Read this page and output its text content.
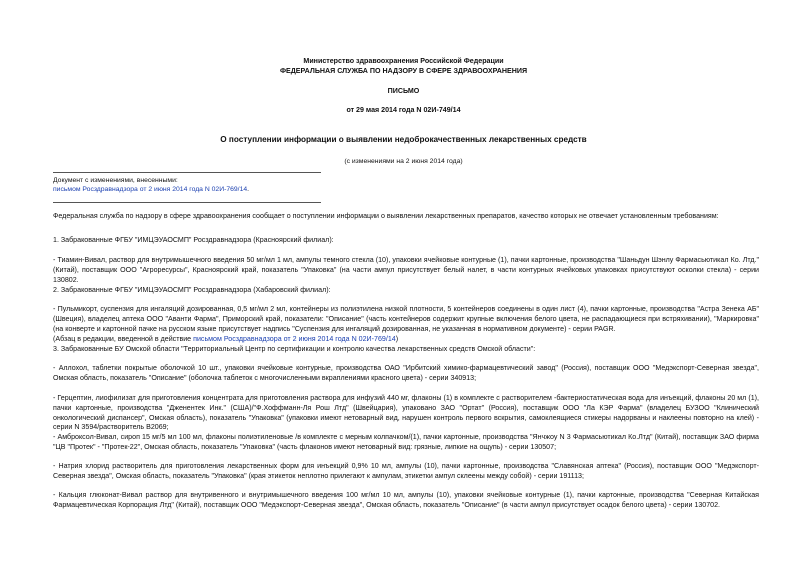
Министерство здравоохранения Российской Федерации
ФЕДЕРАЛЬНАЯ СЛУЖБА ПО НАДЗОРУ В СФЕРЕ ЗДРАВООХРАНЕНИЯ
ПИСЬМО
от 29 мая 2014 года N 02И-749/14
О поступлении информации о выявлении недоброкачественных лекарственных средств
(с изменениями на 2 июня 2014 года)
Документ с изменениями, внесенными:
письмом Росздравнадзора от 2 июня 2014 года N 02И-769/14.
Федеральная служба по надзору в сфере здравоохранения сообщает о поступлении информации о выявлении лекарственных препаратов, качество которых не отвечает установленным требованиям:
1. Забракованные ФГБУ "ИМЦЭУАОСМП" Росздравнадзора (Красноярский филиал):
- Тиамин-Вивал, раствор для внутримышечного введения 50 мг/мл 1 мл, ампулы темного стекла (10), упаковки ячейковые контурные (1), пачки картонные, производства "Шаньдун Шэнлу Фармасьютикал Ко. Лтд." (Китай), поставщик ООО "Агроресурсы", Красноярский край, показатель "Упаковка" (на части ампул присутствует белый налет, в части контурных ячейковых упаковках присутствуют осколки стекла) - серии 130802.
2. Забракованные ФГБУ "ИМЦЭУАОСМП" Росздравнадзора (Хабаровский филиал):
- Пульмикорт, суспензия для ингаляций дозированная, 0,5 мг/мл 2 мл, контейнеры из полиэтилена низкой плотности, 5 контейнеров соединены в один лист (4), пачки картонные, производства "Астра Зенека АБ" (Швеция), владелец аптека ООО "Аванти Фарма", Приморский край, показатели: "Описание" (часть контейнеров содержит крупные включения белого цвета, не распадающиеся при встряхивании), "Маркировка" (на конверте и картонной пачке на русском языке присутствует надпись "Суспензия для ингаляций дозированная, не указанная в нормативном документе) - серии PAGR.
(Абзац в редакции, введенной в действие письмом Росздравнадзора от 2 июня 2014 года N 02И-769/14)
3. Забракованные БУ Омской области "Территориальный Центр по сертификации и контролю качества лекарственных средств Омской области":
- Аллохол, таблетки покрытые оболочкой 10 шт., упаковки ячейковые контурные, производства ОАО "Ирбитский химико-фармацевтический завод" (Россия), поставщик ООО "Медэкспорт-Северная звезда", Омская область, показатель "Описание" (оболочка таблеток с многочисленными вкраплениями красного цвета) - серии 340913;
- Герцептин, лиофилизат для приготовления концентрата для приготовления раствора для инфузий 440 мг, флаконы (1) в комплекте с растворителем -бактериостатическая вода для инъекций, флаконы 20 мл (1), пачки картонные, производства "Дженентек Инк." (США)/"Ф.Хоффманн-Ля Рош Лтд" (Швейцария), упаковано ЗАО "Ортат" (Россия), поставщик ООО "Ла КЭР Фарма" (владелец БУЗОО "Клинический онкологический диспансер", Омская область), показатель "Упаковка" (упаковки имеют нетоварный вид, нарушен контроль первого вскрытия, самоклеящиеся стикеры надорваны и наклеены повторно на клей) - серии N 3594/растворитель B2069;
- Амброксол-Вивал, сироп 15 мг/5 мл 100 мл, флаконы полиэтиленовые /в комплекте с мерным колпачком/(1), пачки картонные, производства "Янчжоу N 3 Фармасьютикал Ко.Лтд" (Китай), поставщик ЗАО фирма "ЦВ "Протек" - "Протек-22", Омская область, показатель "Упаковка" (часть флаконов имеют нетоварный вид: грязные, липкие на ощупь) - серии 130507;
- Натрия хлорид растворитель для приготовления лекарственных форм для инъекций 0,9% 10 мл, ампулы (10), пачки картонные, производства "Славянская аптека" (Россия), поставщик ООО "Медэкспорт-Северная звезда", Омская область, показатель "Упаковка" (края этикеток неплотно прилегают к ампулам, этикетки ампул склеены между собой) - серии 191113;
- Кальция глюконат-Вивал раствор для внутривенного и внутримышечного введения 100 мг/мл 10 мл, ампулы (10), упаковки ячейковые контурные (1), пачки картонные, производства "Северная Китайская Фармацевтическая Корпорация Лтд" (Китай), поставщик ООО "Медэкспорт-Северная звезда", Омская область, показатель "Описание" (в части ампул присутствует осадок белого цвета) - серии 130702.
